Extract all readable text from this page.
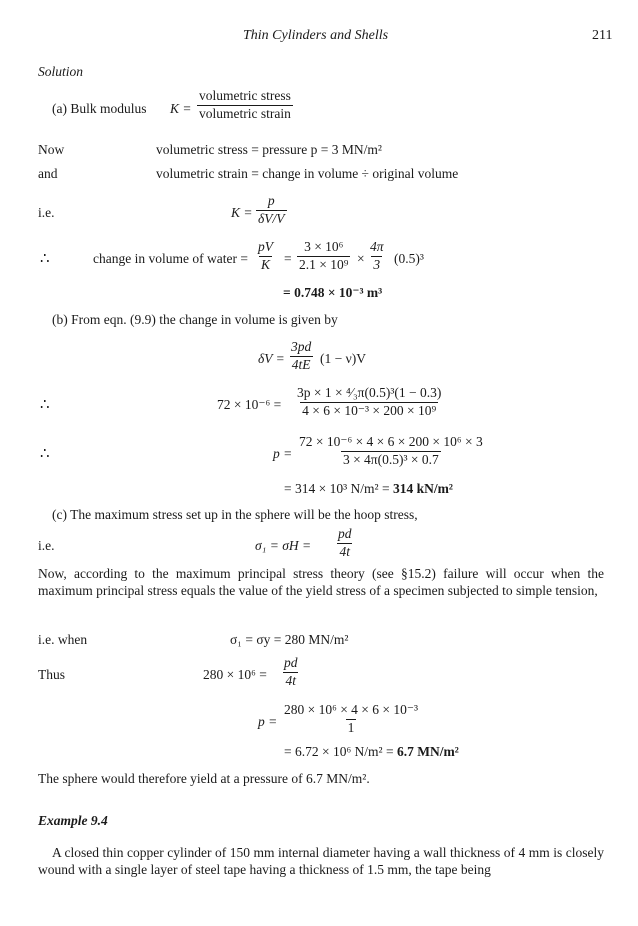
Thin Cylinders and Shells	211
Solution
(a) Bulk modulus K =
volumetric stress
volumetric strain
Now	volumetric stress = pressure p = 3 MN/m²
and	volumetric strain = change in volume ÷ original volume
i.e.	$K = \frac{p}{\delta V/V}$
∴	change in volume of water = $\frac{pV}{K} = \frac{\text{3 × 10⁶}}{\text{2.1 × 10⁹}} \times \frac{4\pi}{3} (0.5)^3$
= 0.748 × 10⁻³ m³
(b) From eqn. (9.9) the change in volume is given by
$\delta V = \frac{3pd}{4tE} (1 - \nu)V$
∴	$72 \times 10^{-6} = \frac{\text{3p × 1 × ⁴⁄₃π(0.5)³(1 − 0.3)}}{\text{4 × 6 × 10⁻³ × 200 × 10⁹}}$
∴	$p = \frac{\text{72 × 10⁻⁶ × 4 × 6 × 200 × 10⁶ × 3}}{\text{3 × 4π(0.5)³ × 0.7}}$
= 314 × 10³ N/m² = 314 kN/m²
(c) The maximum stress set up in the sphere will be the hoop stress,
i.e.	$\sigma_1 = \sigma H = \frac{pd}{4t}$
Now, according to the maximum principal stress theory (see §15.2) failure will occur when the maximum principal stress equals the value of the yield stress of a specimen subjected to simple tension,
i.e. when	σ₁ = σy = 280 MN/m²
Thus	$280 \times 10^6 = \frac{pd}{4t}$
$p = \frac{\text{280 × 10⁶ × 4 × 6 × 10⁻³}}{1}$
= 6.72 × 10⁶ N/m² = 6.7 MN/m²
The sphere would therefore yield at a pressure of 6.7 MN/m².
Example 9.4
A closed thin copper cylinder of 150 mm internal diameter having a wall thickness of 4 mm is closely wound with a single layer of steel tape having a thickness of 1.5 mm, the tape being
